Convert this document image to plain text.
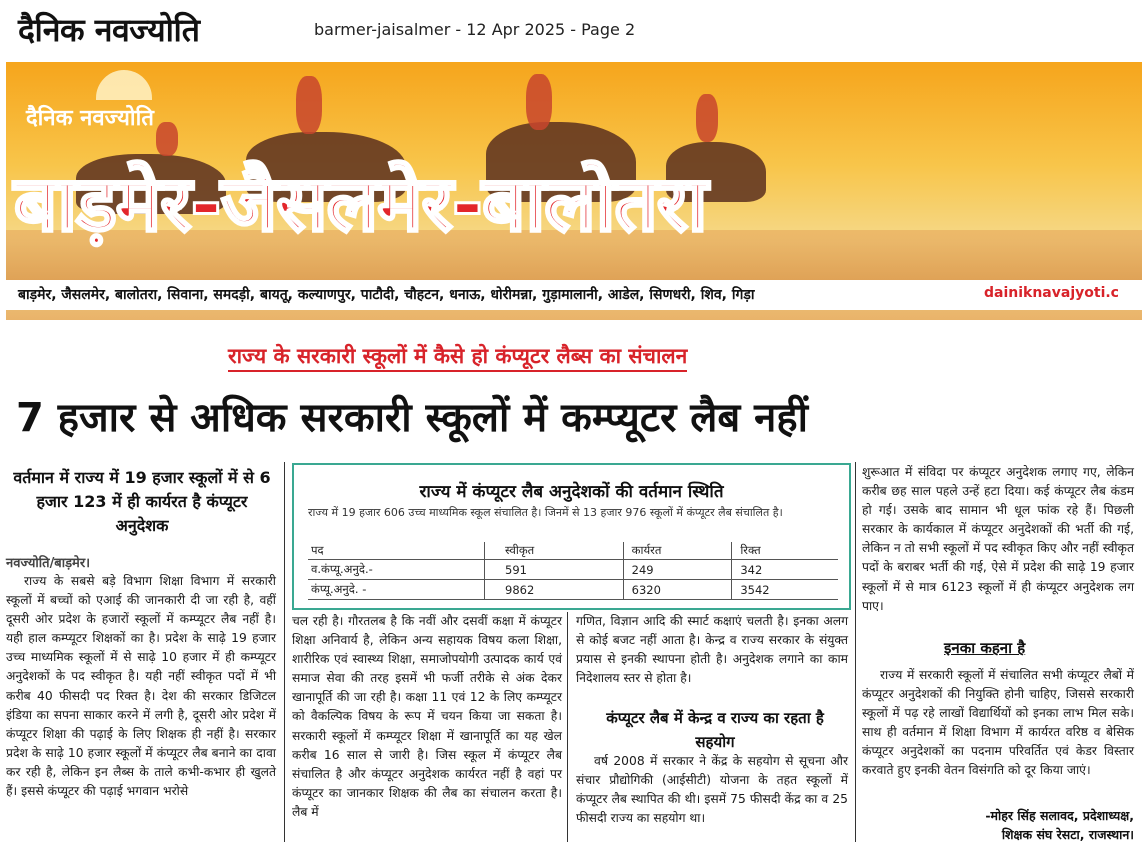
दैनिक नवज्योति	barmer-jaisalmer - 12 Apr 2025 - Page 2
दैनिक नवज्योति
बाड़मेर-जैसलमेर-बालोतरा
बाड़मेर, जैसलमेर, बालोतरा, सिवाना, समदड़ी, बायतू, कल्याणपुर, पाटौदी, चौहटन, धनाऊ, धोरीमन्ना, गुड़ामालानी, आडेल, सिणधरी, शिव, गिड़ा	dainiknavajyoti.c
राज्य के सरकारी स्कूलों में कैसे हो कंप्यूटर लैब्स का संचालन
7 हजार से अधिक सरकारी स्कूलों में कम्प्यूटर लैब नहीं
वर्तमान में राज्य में 19 हजार स्कूलों में से 6 हजार 123 में ही कार्यरत है कंप्यूटर अनुदेशक
नवज्योति/बाड़मेर।
राज्य के सबसे बड़े विभाग शिक्षा विभाग में सरकारी स्कूलों में बच्चों को एआई की जानकारी दी जा रही है, वहीं दूसरी ओर प्रदेश के हजारों स्कूलों में कम्प्यूटर लैब नहीं है। यही हाल कम्प्यूटर शिक्षकों का है। प्रदेश के साढ़े 19 हजार उच्च माध्यमिक स्कूलों में से साढ़े 10 हजार में ही कम्प्यूटर अनुदेशकों के पद स्वीकृत है। यही नहीं स्वीकृत पदों में भी करीब 40 फीसदी पद रिक्त है। देश की सरकार डिजिटल इंडिया का सपना साकार करने में लगी है, दूसरी ओर प्रदेश में कंप्यूटर शिक्षा की पढ़ाई के लिए शिक्षक ही नहीं है। सरकार प्रदेश के साढ़े 10 हजार स्कूलों में कंप्यूटर लैब बनाने का दावा कर रही है, लेकिन इन लैब्स के ताले कभी-कभार ही खुलते हैं। इससे कंप्यूटर की पढ़ाई भगवान भरोसे
राज्य में कंप्यूटर लैब अनुदेशकों की वर्तमान स्थिति
राज्य में 19 हजार 606 उच्च माध्यमिक स्कूल संचालित है। जिनमें से 13 हजार 976 स्कूलों में कंप्यूटर लैब संचालित है।
पद	स्वीकृत	कार्यरत	रिक्त
व.कंप्यू.अनुदे.-	591	249	342
कंप्यू.अनुदे. -	9862	6320	3542
चल रही है। गौरतलब है कि नवीं और दसवीं कक्षा में कंप्यूटर शिक्षा अनिवार्य है, लेकिन अन्य सहायक विषय कला शिक्षा, शारीरिक एवं स्वास्थ्य शिक्षा, समाजोपयोगी उत्पादक कार्य एवं समाज सेवा की तरह इसमें भी फर्जी तरीके से अंक देकर खानापूर्ति की जा रही है। कक्षा 11 एवं 12 के लिए कम्प्यूटर को वैकल्पिक विषय के रूप में चयन किया जा सकता है। सरकारी स्कूलों में कम्प्यूटर शिक्षा में खानापूर्ति का यह खेल करीब 16 साल से जारी है। जिस स्कूल में कंप्यूटर लैब संचालित है और कंप्यूटर अनुदेशक कार्यरत नहीं है वहां पर कंप्यूटर का जानकार शिक्षक की लैब का संचालन करता है। लैब में
गणित, विज्ञान आदि की स्मार्ट कक्षाएं चलती है। इनका अलग से कोई बजट नहीं आता है। केन्द्र व राज्य सरकार के संयुक्त प्रयास से इनकी स्थापना होती है। अनुदेशक लगाने का काम निदेशालय स्तर से होता है।
कंप्यूटर लैब में केन्द्र व राज्य का रहता है सहयोग
वर्ष 2008 में सरकार ने केंद्र के सहयोग से सूचना और संचार प्रौद्योगिकी (आईसीटी) योजना के तहत स्कूलों में कंप्यूटर लैब स्थापित की थी। इसमें 75 फीसदी केंद्र का व 25 फीसदी राज्य का सहयोग था।
शुरूआत में संविदा पर कंप्यूटर अनुदेशक लगाए गए, लेकिन करीब छह साल पहले उन्हें हटा दिया। कई कंप्यूटर लैब कंडम हो गई। उसके बाद सामान भी धूल फांक रहे हैं। पिछली सरकार के कार्यकाल में कंप्यूटर अनुदेशकों की भर्ती की गई, लेकिन न तो सभी स्कूलों में पद स्वीकृत किए और नहीं स्वीकृत पदों के बराबर भर्ती की गई, ऐसे में प्रदेश की साढ़े 19 हजार स्कूलों में से मात्र 6123 स्कूलों में ही कंप्यूटर अनुदेशक लग पाए।
इनका कहना है
राज्य में सरकारी स्कूलों में संचालित सभी कंप्यूटर लैबों में कंप्यूटर अनुदेशकों की नियुक्ति होनी चाहिए, जिससे सरकारी स्कूलों में पढ़ रहे लाखों विद्यार्थियों को इनका लाभ मिल सके। साथ ही वर्तमान में शिक्षा विभाग में कार्यरत वरिष्ठ व बेसिक कंप्यूटर अनुदेशकों का पदनाम परिवर्तित एवं केडर विस्तार करवाते हुए इनकी वेतन विसंगति को दूर किया जाएं।
-मोहर सिंह सलावद, प्रदेशाध्यक्ष,
शिक्षक संघ रेसटा, राजस्थान।
